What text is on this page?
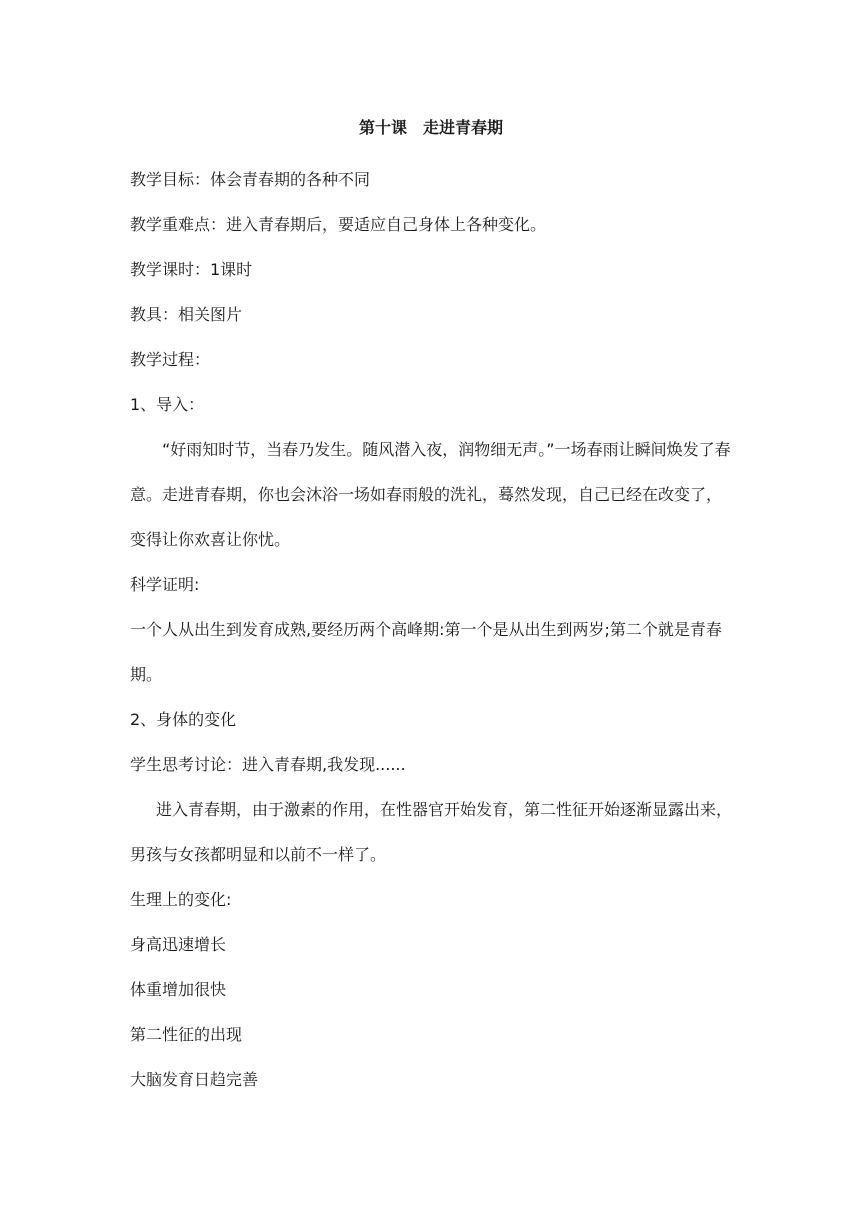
第十课　走进青春期

教学目标：体会青春期的各种不同

教学重难点：进入青春期后，要适应自己身体上各种变化。

教学课时：1课时

教具：相关图片

教学过程：

1、导入：

“好雨知时节，当春乃发生。随风潜入夜，润物细无声。”一场春雨让瞬间焕发了春意。走进青春期，你也会沐浴一场如春雨般的洗礼，蓦然发现，自己已经在改变了，变得让你欢喜让你忧。

科学证明:

一个人从出生到发育成熟,要经历两个高峰期:第一个是从出生到两岁;第二个就是青春期。

2、身体的变化

学生思考讨论：进入青春期,我发现......

进入青春期，由于激素的作用，在性器官开始发育，第二性征开始逐渐显露出来，男孩与女孩都明显和以前不一样了。

生理上的变化:

身高迅速增长

体重增加很快

第二性征的出现

大脑发育日趋完善
